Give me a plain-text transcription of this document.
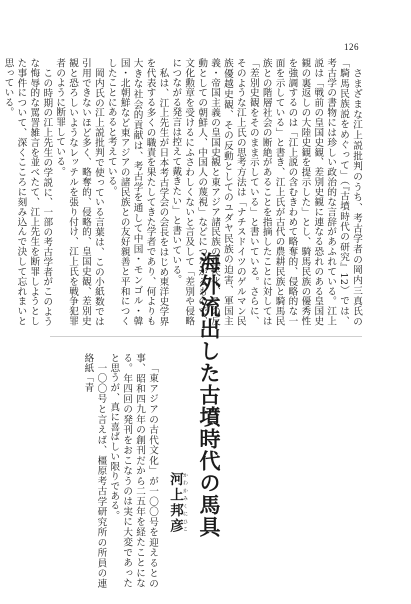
126

さまざまな江上説批判のうち、考古学者の岡内三真氏の「騎馬民族説をめぐって」（『古墳時代の研究』12）では、考古学の書物には珍しい政治的な言辞があふれている。江上説は「戦前の皇国史観、差別史観に連なる恐れのある皇国史観の裏返しの大陸史観を提示した」とし、騎馬民族の優秀性を強調するのは「江上説の含むきわめて略奪的、侵略的な一面を示している」と書き、江上氏が古代の農耕民族と騎馬民族との階層社会の断絶があることを指摘したことに対しては「差別史観をそのまま示している」と書いている。さらに、そのような江上氏の思考方法は「ナチスドイツのゲルマン民族優越史観、その反動としてのユダヤ民族の迫害、軍国主義・帝国主義の皇国史観と東アジア諸民族の皇民化、その反動としての朝鮮人、中国人の蔑視」などにつながるもので、文化勲章を受けるにふさわしくないと言及して「差別や侵略につながる発言は控えて戴きたい」と書いている。

私は、江上先生が日本考古学会の会長をはじめ東洋史学界を代表する多くの職責を果たしてきた学者であり、何よりも大きな社会的貢献は、考古学を通して中国・モンゴル・韓国・北朝鮮など東アジアの諸民族との友好親善と平和につくしたことにあると考えている。

岡内氏の江上説批判で使っている言葉は、この小紙数では引用できないほど多く、略奪的、侵略的、皇国史観、差別史観と恐ろしいようなレッテルを張り付け、江上氏を戦争犯罪者のように断罪している。

この時期の江上先生の学説に、一部の考古学者がこのような悔辱的な罵詈雑言を並べたて、江上先生を断罪しようとした事件について、深くこころに刻み込んで決して忘れまいと思っている。

海外流出した古墳時代の馬具
河上邦彦 かわかみくにひこ

「東アジアの古代文化」が一〇〇号を迎えるとの事、昭和四九年の創刊だから二五年を経たことになる。年四回の発刊をおこなうのは実に大変であったと思うが、真に喜ばしい限りである。

一〇〇号と言えば、橿原考古学研究所の所員の連絡紙「青
